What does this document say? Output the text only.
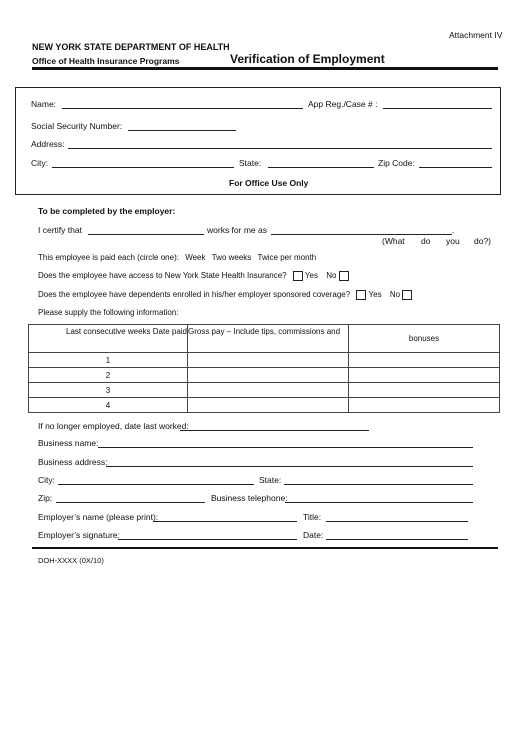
Attachment IV
NEW YORK STATE DEPARTMENT OF HEALTH
Office of Health Insurance Programs	Verification of Employment
Name:	App Reg./Case # :
Social Security Number:
Address:
City:	State:	Zip Code:
For Office Use Only
To be completed by the employer:
I certify that	works for me as	.
(What do you do?)
This employee is paid each (circle one): Week Two weeks Twice per month
Does the employee have access to New York State Health Insurance? Yes No
Does the employee have dependents enrolled in his/her employer sponsored coverage? Yes No
Please supply the following information:
Last consecutive weeks Date paid	Gross pay – Include tips, commissions and	bonuses
1		
2		
3		
4		
If no longer employed, date last worked:
Business name:
Business address:
City:	State:
Zip:	Business telephone:
Employer’s name (please print):	Title:
Employer’s signature:	Date:
DOH-XXXX (0X/10)
